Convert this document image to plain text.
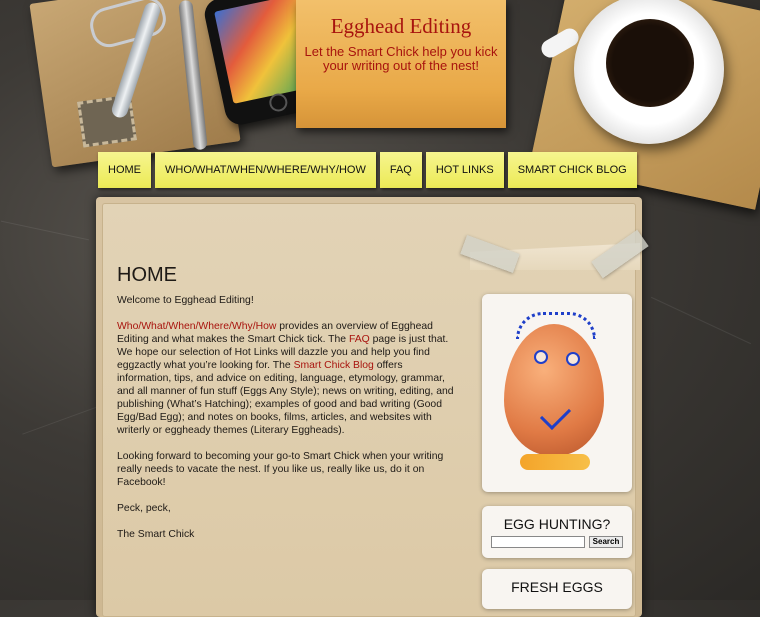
Egghead Editing
Let the Smart Chick help you kick your writing out of the nest!
HOME	WHO/WHAT/WHEN/WHERE/WHY/HOW	FAQ	HOT LINKS	SMART CHICK BLOG
HOME

Welcome to Egghead Editing!

Who/What/When/Where/Why/How provides an overview of Egghead Editing and what makes the Smart Chick tick. The FAQ page is just that. We hope our selection of Hot Links will dazzle you and help you find eggzactly what you’re looking for. The Smart Chick Blog offers information, tips, and advice on editing, language, etymology, grammar, and all manner of fun stuff (Eggs Any Style); news on writing, editing, and publishing (What’s Hatching); examples of good and bad writing (Good Egg/Bad Egg); and notes on books, films, articles, and websites with writerly or eggheady themes (Literary Eggheads).

Looking forward to becoming your go-to Smart Chick when your writing really needs to vacate the nest. If you like us, really like us, do it on Facebook!

Peck, peck,

The Smart Chick

EGG HUNTING?
Search
FRESH EGGS
